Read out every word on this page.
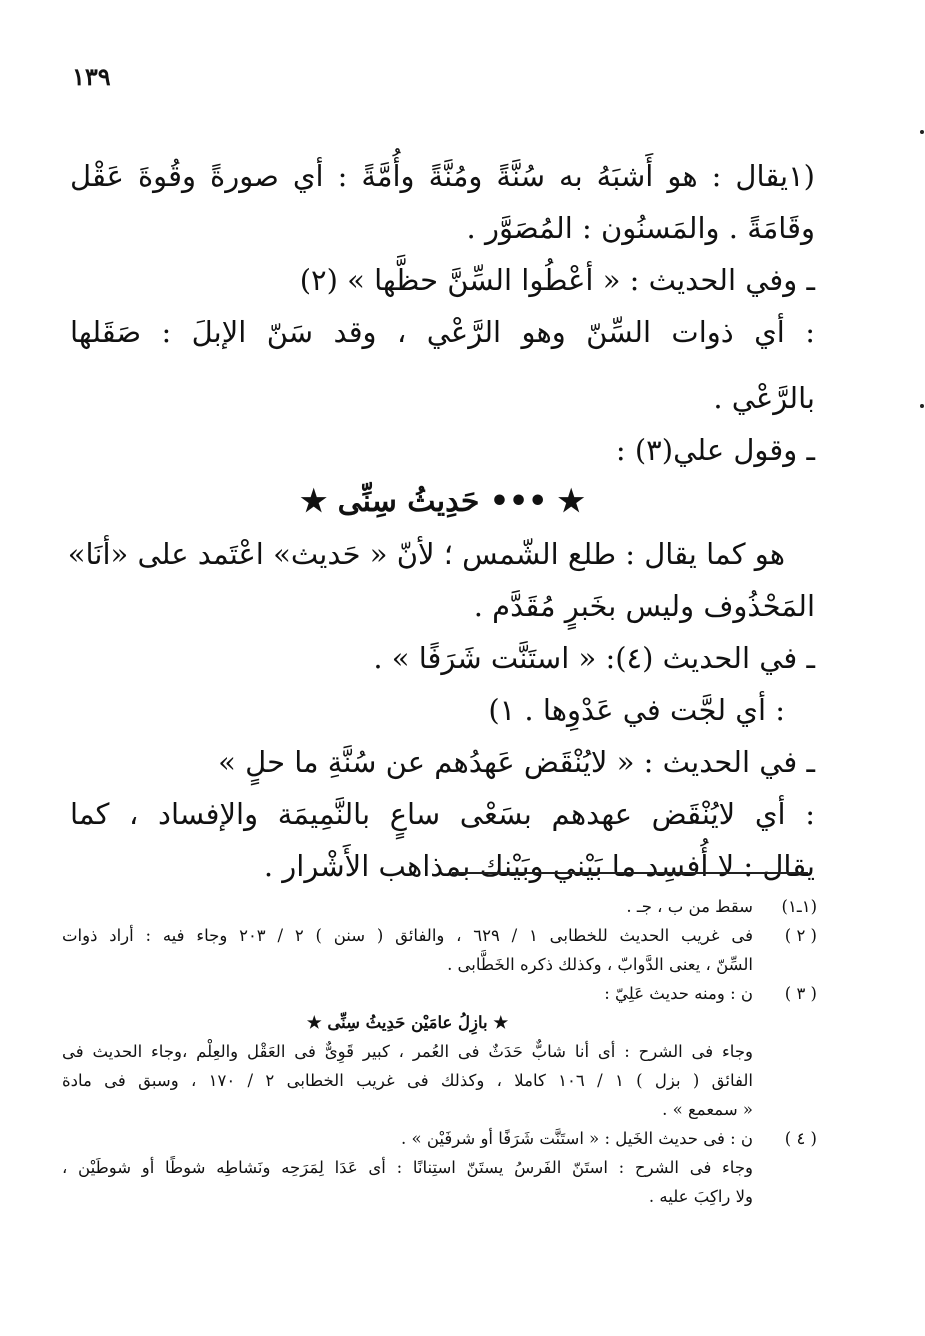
١٣٩
(١يقال : هو أَشبَهُ به سُنَّةً ومُنَّةً وأُمَّةً : أي صورةً وقُوةَ عَقْل
وقَامَةً . والمَسنُون : المُصَوَّر .
ـ وفي الحديث : « أعْطُوا السِّنَّ حظَّها » (٢)
: أي ذوات السِّنّ وهو الرَّعْي ، وقد سَنّ الإبلَ : صَقَلها
بالرَّعْي .
ـ وقول علي(٣) :
★ ••• حَدِيثُ سِنِّى ★
هو كما يقال : طلع الشّمس ؛ لأنّ « حَديث» اعْتَمد على «أنَا»
المَحْذُوف وليس بخَبرٍ مُقَدَّم .
ـ في الحديث (٤): « استَنَّت شَرَفًا » .
: أي لجَّت في عَدْوِها . ١)
ـ في الحديث : « لايُنْقَض عَهدُهم عن سُنَّةِ ما حلٍ »
: أي لايُنْقَض عهدهم بسَعْى ساعٍ بالنَّمِيمَة والإفساد ، كما
يقال : لا أُفسِد ما بَيْني وبَيْنك بمذاهب الأَشْرار .
(١ـ١)
سقط من ب ، جـ .
( ٢ )
فى غريب الحديث للخطابى ١ / ٦٢٩ ، والفائق ( سنن ) ٢ / ٢٠٣ وجاء فيه : أراد ذوات
السِّنّ ، يعنى الدَّوابّ ، وكذلك ذكره الخَطَّابى .
( ٣ )
ن : ومنه حديث عَلِيّ :
★ بازِلُ عامَيْن حَدِيثُ سِنِّى ★
وجاء فى الشرح : أى أنا شابٌّ حَدَثٌ فى العُمر ، كبير قَوِىٌّ فى العَقْل والعِلْم ،وجاء الحديث فى
الفائق ( بزل ) ١ / ١٠٦ كاملا ، وكذلك فى غريب الخطابى ٢ / ١٧٠ ، وسبق فى مادة
« سمعمع » .
( ٤ )
ن : فى حديث الخَيل : « استَنَّت شَرَفًا أو شرفَيْن » .
وجاء فى الشرح : استَنّ الفَرسُ يستَنّ استِنانًا : أى عَدَا لِمَرَحِه ونَشاطِه شوطًا أو شوطَيْن ،
ولا راكِبَ عليه .
